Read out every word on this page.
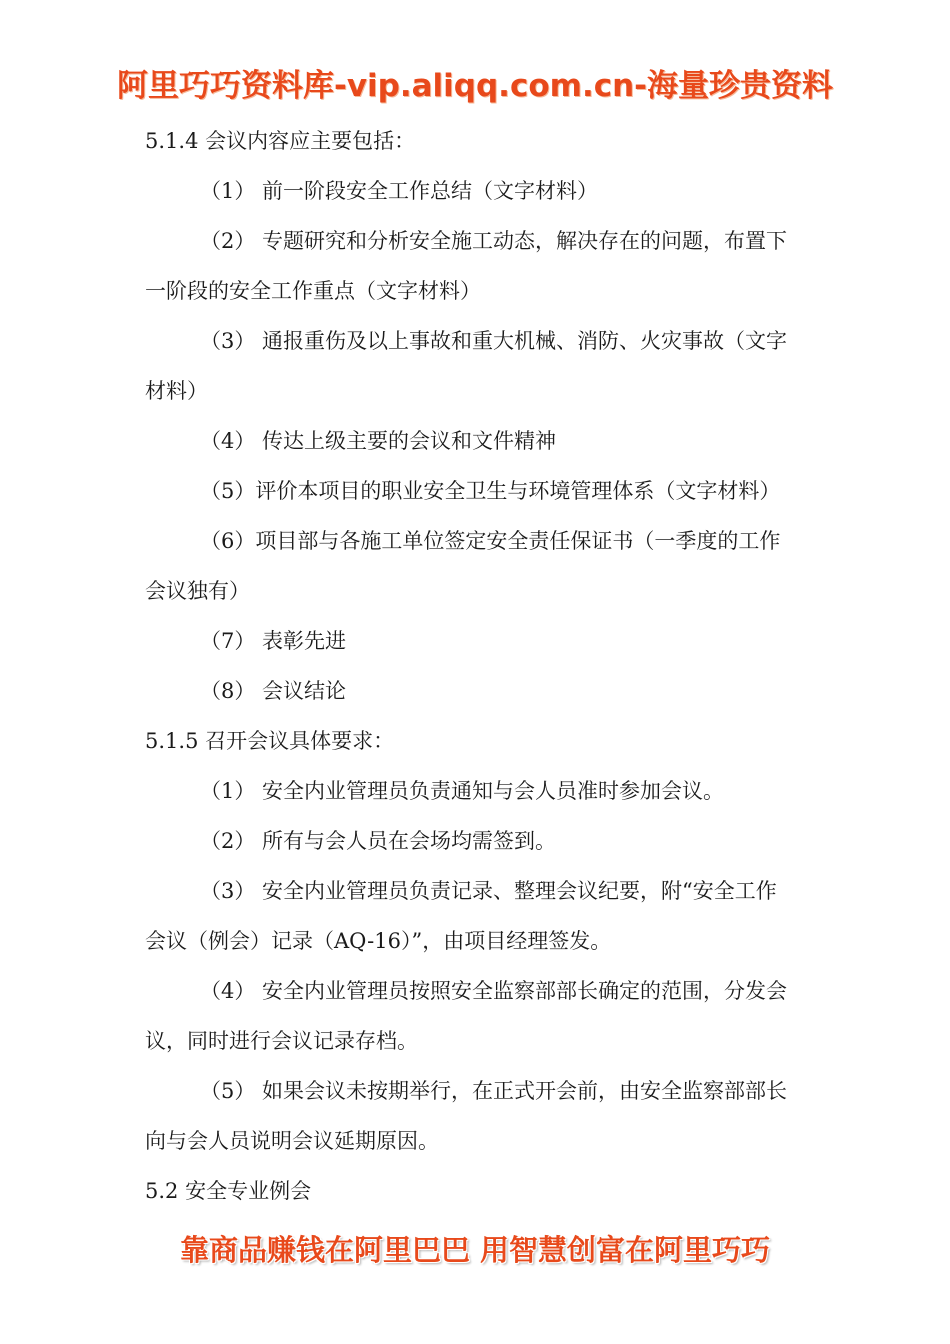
阿里巧巧资料库-vip.aliqq.com.cn-海量珍贵资料
5.1.4 会议内容应主要包括：
（1） 前一阶段安全工作总结（文字材料）
（2） 专题研究和分析安全施工动态，解决存在的问题，布置下
一阶段的安全工作重点（文字材料）
（3） 通报重伤及以上事故和重大机械、消防、火灾事故（文字
材料）
（4） 传达上级主要的会议和文件精神
（5）评价本项目的职业安全卫生与环境管理体系（文字材料）
（6）项目部与各施工单位签定安全责任保证书（一季度的工作
会议独有）
（7） 表彰先进
（8） 会议结论
5.1.5 召开会议具体要求：
（1） 安全内业管理员负责通知与会人员准时参加会议。
（2） 所有与会人员在会场均需签到。
（3） 安全内业管理员负责记录、整理会议纪要，附“安全工作
会议（例会）记录（AQ-16）”，由项目经理签发。
（4） 安全内业管理员按照安全监察部部长确定的范围，分发会
议，同时进行会议记录存档。
（5） 如果会议未按期举行，在正式开会前，由安全监察部部长
向与会人员说明会议延期原因。
5.2 安全专业例会
靠商品赚钱在阿里巴巴 用智慧创富在阿里巧巧
